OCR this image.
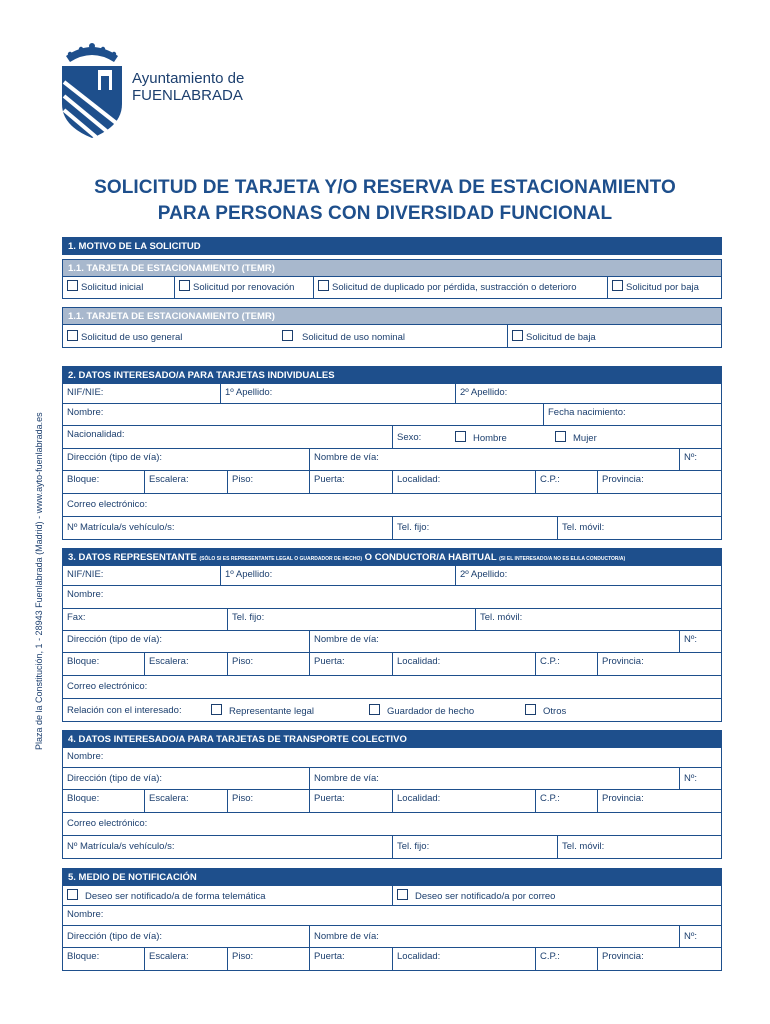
Ayuntamiento de
FUENLABRADA
SOLICITUD DE TARJETA Y/O RESERVA DE ESTACIONAMIENTO
PARA PERSONAS CON DIVERSIDAD FUNCIONAL
Plaza de la Constitución, 1 - 28943 Fuenlabrada (Madrid) - www.ayto-fuenlabrada.es
1. MOTIVO DE LA SOLICITUD
1.1. TARJETA DE ESTACIONAMIENTO (TEMR)
Solicitud inicial	Solicitud por renovación	Solicitud de duplicado por pérdida, sustracción o deterioro	Solicitud por baja
1.1. TARJETA DE ESTACIONAMIENTO (TEMR)
Solicitud de uso general	Solicitud de uso nominal	Solicitud de baja
2. DATOS INTERESADO/A PARA TARJETAS INDIVIDUALES
NIF/NIE:	1º Apellido:	2º Apellido:
Nombre:	Fecha nacimiento:
Nacionalidad:	Sexo:	Hombre	Mujer
Dirección (tipo de vía):	Nombre de vía:	Nº:
Bloque:	Escalera:	Piso:	Puerta:	Localidad:	C.P.:	Provincia:
Correo electrónico:
Nº Matrícula/s vehículo/s:	Tel. fijo:	Tel. móvil:
3. DATOS REPRESENTANTE (SÓLO SI ES REPRESENTANTE LEGAL O GUARDADOR DE HECHO) O CONDUCTOR/A HABITUAL (SI EL INTERESADO/A NO ES EL/LA CONDUCTOR/A)
NIF/NIE:	1º Apellido:	2º Apellido:
Nombre:
Fax:	Tel. fijo:	Tel. móvil:
Dirección (tipo de vía):	Nombre de vía:	Nº:
Bloque:	Escalera:	Piso:	Puerta:	Localidad:	C.P.:	Provincia:
Correo electrónico:
Relación con el interesado:	Representante legal	Guardador de hecho	Otros
4. DATOS INTERESADO/A PARA TARJETAS DE TRANSPORTE COLECTIVO
Nombre:
Dirección (tipo de vía):	Nombre de vía:	Nº:
Bloque:	Escalera:	Piso:	Puerta:	Localidad:	C.P.:	Provincia:
Correo electrónico:
Nº Matrícula/s vehículo/s:	Tel. fijo:	Tel. móvil:
5. MEDIO DE NOTIFICACIÓN
Deseo ser notificado/a de forma telemática	Deseo ser notificado/a por correo
Nombre:
Dirección (tipo de vía):	Nombre de vía:	Nº:
Bloque:	Escalera:	Piso:	Puerta:	Localidad:	C.P.:	Provincia:
